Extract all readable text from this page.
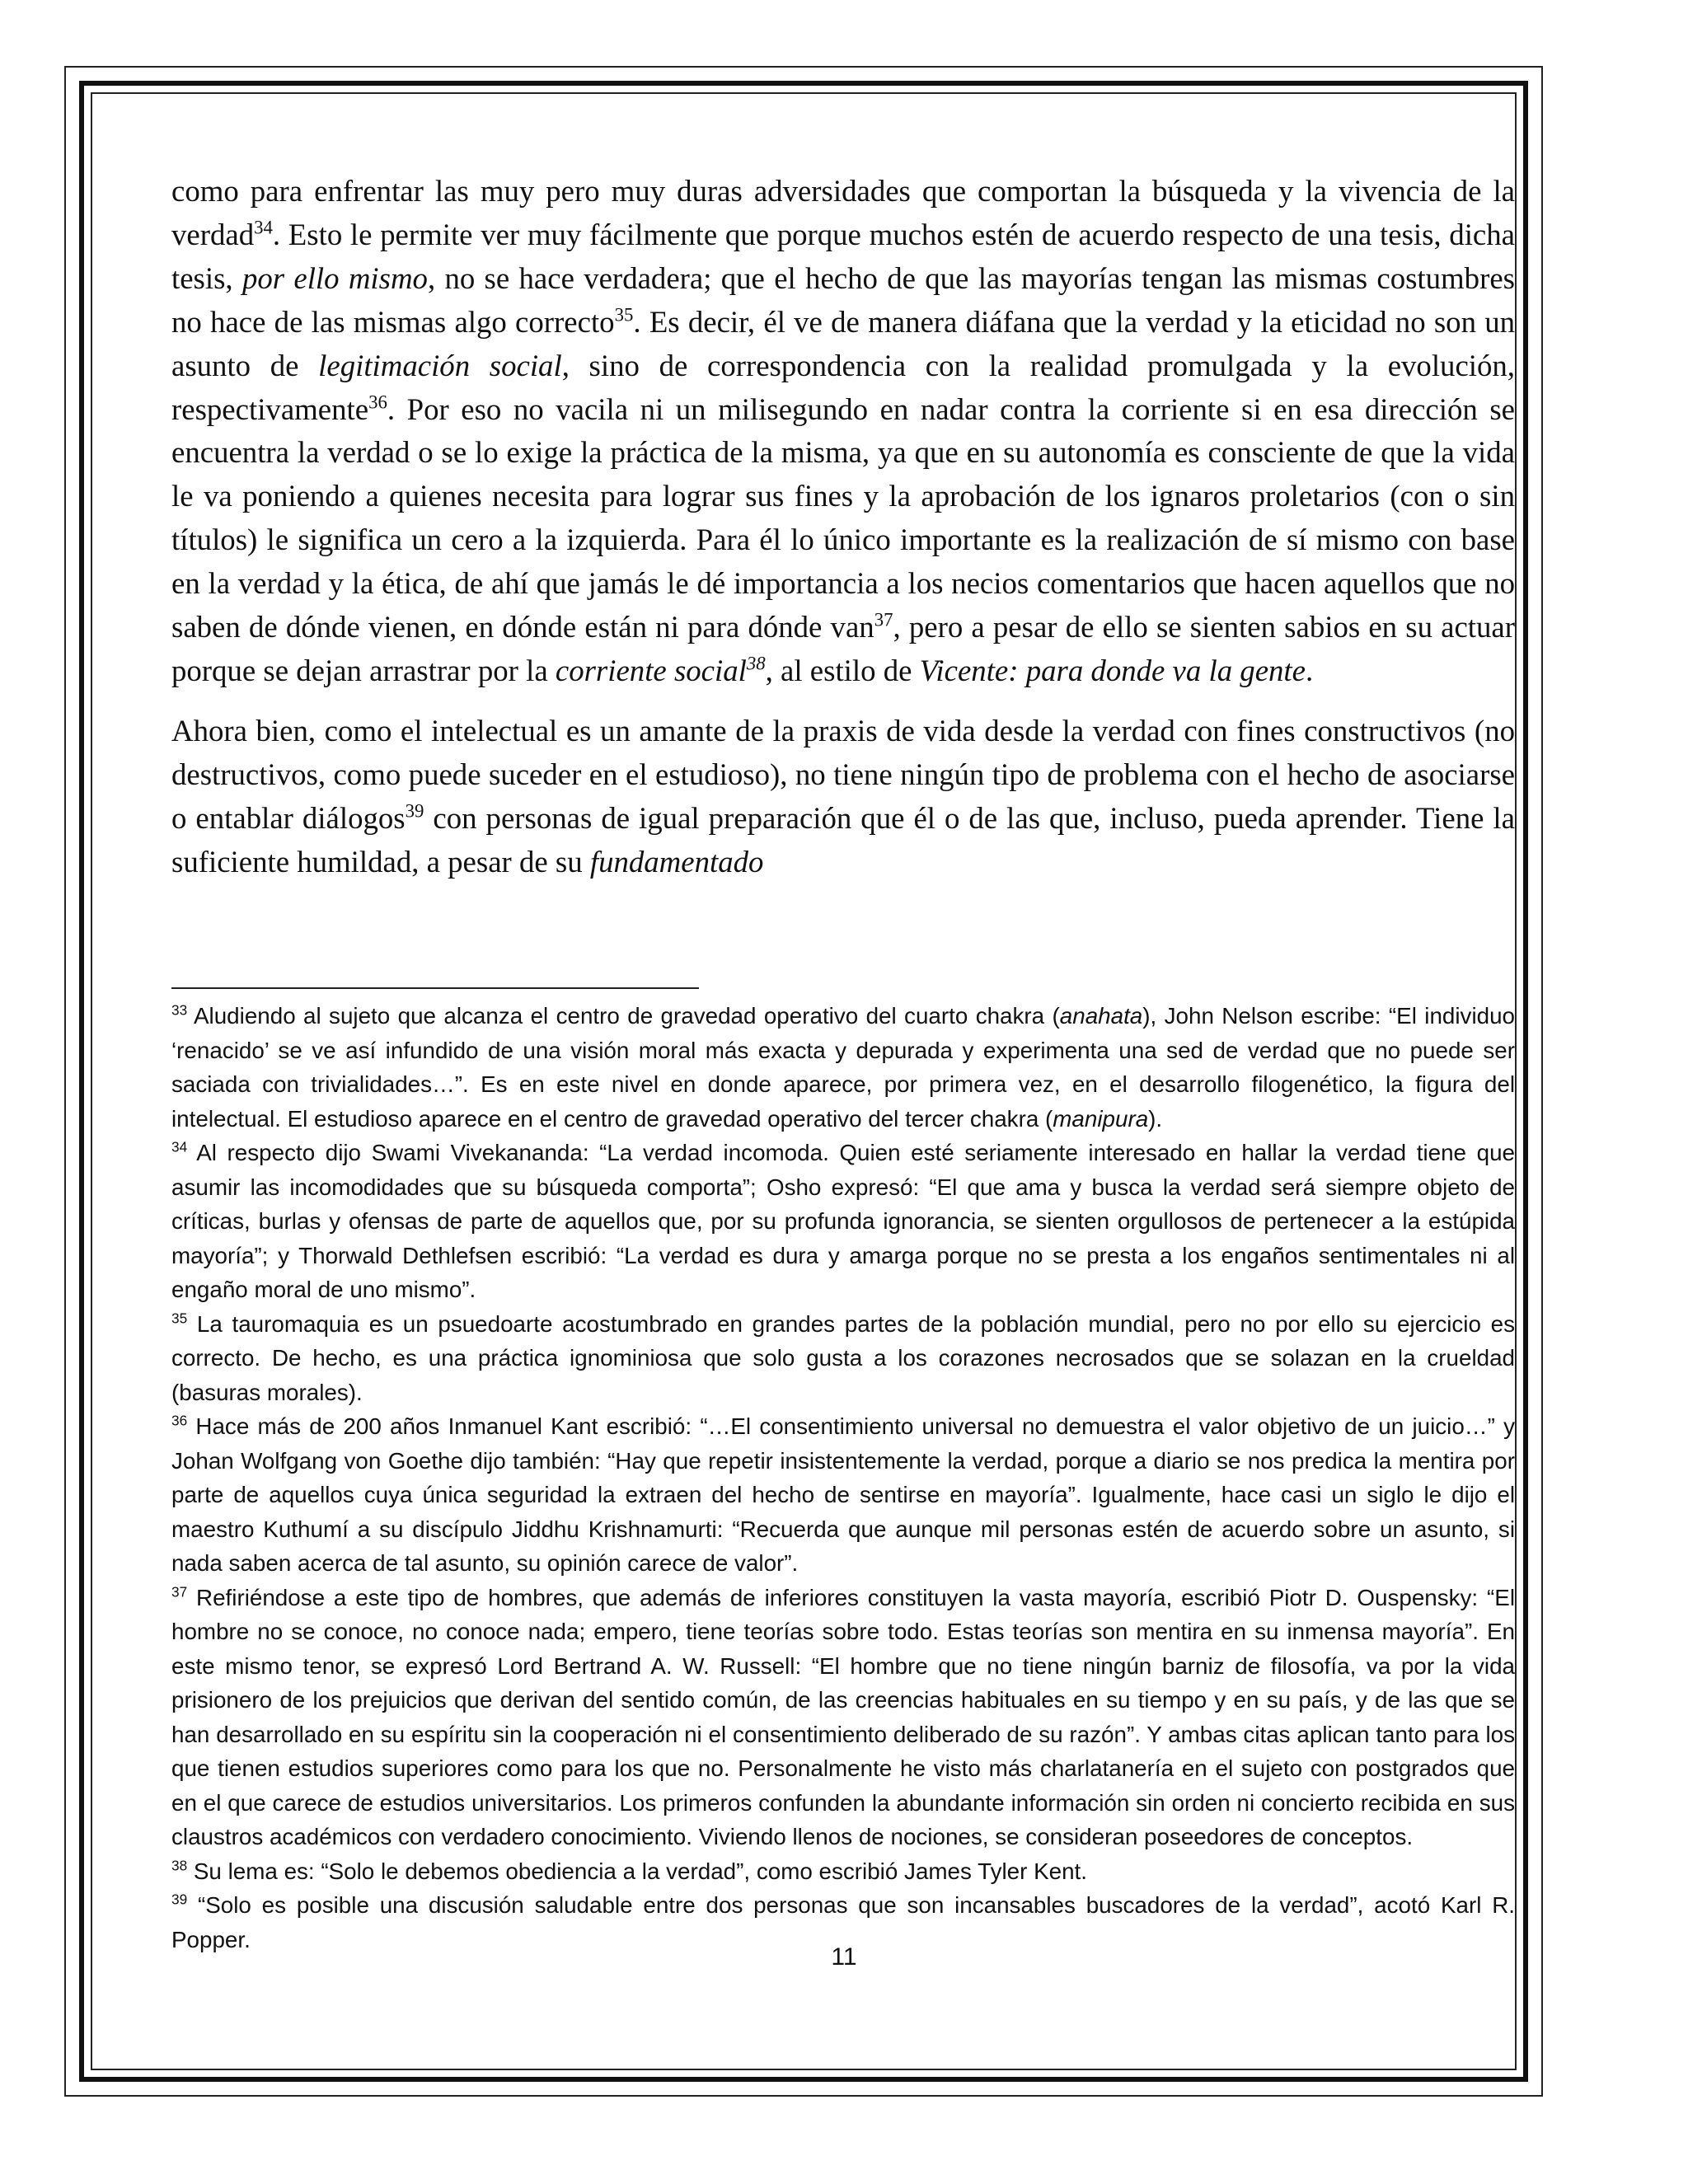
como para enfrentar las muy pero muy duras adversidades que comportan la búsqueda y la vivencia de la verdad$^{34}$. Esto le permite ver muy fácilmente que porque muchos estén de acuerdo respecto de una tesis, dicha tesis, por ello mismo, no se hace verdadera; que el hecho de que las mayorías tengan las mismas costumbres no hace de las mismas algo correcto$^{35}$. Es decir, él ve de manera diáfana que la verdad y la eticidad no son un asunto de legitimación social, sino de correspondencia con la realidad promulgada y la evolución, respectivamente$^{36}$. Por eso no vacila ni un milisegundo en nadar contra la corriente si en esa dirección se encuentra la verdad o se lo exige la práctica de la misma, ya que en su autonomía es consciente de que la vida le va poniendo a quienes necesita para lograr sus fines y la aprobación de los ignaros proletarios (con o sin títulos) le significa un cero a la izquierda. Para él lo único importante es la realización de sí mismo con base en la verdad y la ética, de ahí que jamás le dé importancia a los necios comentarios que hacen aquellos que no saben de dónde vienen, en dónde están ni para dónde van$^{37}$, pero a pesar de ello se sienten sabios en su actuar porque se dejan arrastrar por la corriente social$^{38}$, al estilo de Vicente: para donde va la gente.

Ahora bien, como el intelectual es un amante de la praxis de vida desde la verdad con fines constructivos (no destructivos, como puede suceder en el estudioso), no tiene ningún tipo de problema con el hecho de asociarse o entablar diálogos$^{39}$ con personas de igual preparación que él o de las que, incluso, pueda aprender. Tiene la suficiente humildad, a pesar de su fundamentado

$^{33}$ Aludiendo al sujeto que alcanza el centro de gravedad operativo del cuarto chakra (anahata), John Nelson escribe: “El individuo ‘renacido’ se ve así infundido de una visión moral más exacta y depurada y experimenta una sed de verdad que no puede ser saciada con trivialidades…”. Es en este nivel en donde aparece, por primera vez, en el desarrollo filogenético, la figura del intelectual. El estudioso aparece en el centro de gravedad operativo del tercer chakra (manipura).

$^{34}$ Al respecto dijo Swami Vivekananda: “La verdad incomoda. Quien esté seriamente interesado en hallar la verdad tiene que asumir las incomodidades que su búsqueda comporta”; Osho expresó: “El que ama y busca la verdad será siempre objeto de críticas, burlas y ofensas de parte de aquellos que, por su profunda ignorancia, se sienten orgullosos de pertenecer a la estúpida mayoría”; y Thorwald Dethlefsen escribió: “La verdad es dura y amarga porque no se presta a los engaños sentimentales ni al engaño moral de uno mismo”.

$^{35}$ La tauromaquia es un psuedoarte acostumbrado en grandes partes de la población mundial, pero no por ello su ejercicio es correcto. De hecho, es una práctica ignominiosa que solo gusta a los corazones necrosados que se solazan en la crueldad (basuras morales).

$^{36}$ Hace más de 200 años Inmanuel Kant escribió: “…El consentimiento universal no demuestra el valor objetivo de un juicio…” y Johan Wolfgang von Goethe dijo también: “Hay que repetir insistentemente la verdad, porque a diario se nos predica la mentira por parte de aquellos cuya única seguridad la extraen del hecho de sentirse en mayoría”. Igualmente, hace casi un siglo le dijo el maestro Kuthumí a su discípulo Jiddhu Krishnamurti: “Recuerda que aunque mil personas estén de acuerdo sobre un asunto, si nada saben acerca de tal asunto, su opinión carece de valor”.

$^{37}$ Refiriéndose a este tipo de hombres, que además de inferiores constituyen la vasta mayoría, escribió Piotr D. Ouspensky: “El hombre no se conoce, no conoce nada; empero, tiene teorías sobre todo. Estas teorías son mentira en su inmensa mayoría”. En este mismo tenor, se expresó Lord Bertrand A. W. Russell: “El hombre que no tiene ningún barniz de filosofía, va por la vida prisionero de los prejuicios que derivan del sentido común, de las creencias habituales en su tiempo y en su país, y de las que se han desarrollado en su espíritu sin la cooperación ni el consentimiento deliberado de su razón”. Y ambas citas aplican tanto para los que tienen estudios superiores como para los que no. Personalmente he visto más charlatanería en el sujeto con postgrados que en el que carece de estudios universitarios. Los primeros confunden la abundante información sin orden ni concierto recibida en sus claustros académicos con verdadero conocimiento. Viviendo llenos de nociones, se consideran poseedores de conceptos.

$^{38}$ Su lema es: “Solo le debemos obediencia a la verdad”, como escribió James Tyler Kent.

$^{39}$ “Solo es posible una discusión saludable entre dos personas que son incansables buscadores de la verdad”, acotó Karl R. Popper.

11
